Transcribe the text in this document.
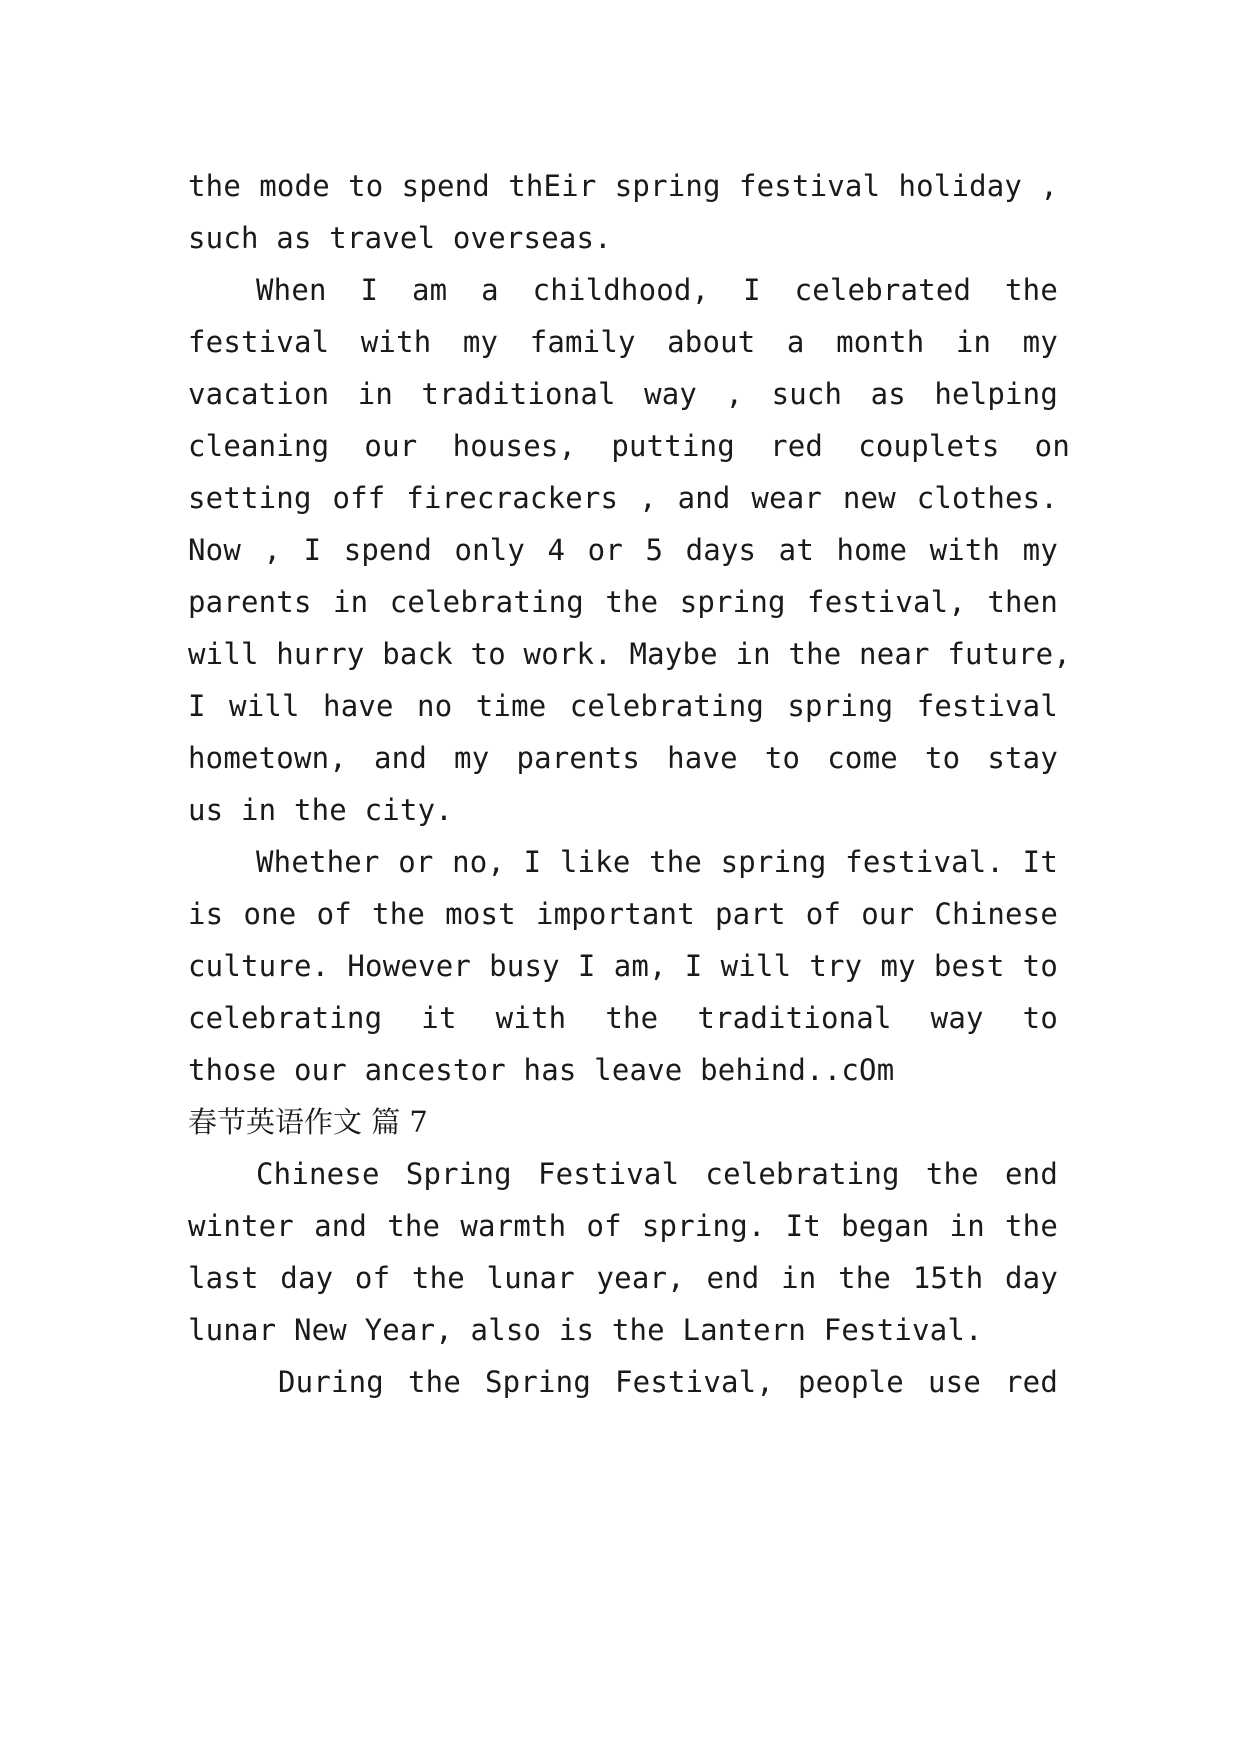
the mode to spend thEir spring festival holiday ,
such as travel overseas.
When I am a childhood, I celebrated the
festival with my family about a month in my
vacation in traditional way , such as helping
cleaning our houses, putting red couplets on
setting off firecrackers , and wear new clothes.
Now , I spend only 4 or 5 days at home with my
parents in celebrating the spring festival, then
will hurry back to work. Maybe in the near future,
I will have no time celebrating spring festival
hometown, and my parents have to come to stay
us in the city.
Whether or no, I like the spring festival. It
is one of the most important part of our Chinese
culture. However busy I am, I will try my best to
celebrating it with the traditional way to
those our ancestor has leave behind..cOm
春节英语作文 篇 7
Chinese Spring Festival celebrating the end
winter and the warmth of spring. It began in the
last day of the lunar year, end in the 15th day
lunar New Year, also is the Lantern Festival.
During the Spring Festival, people use red
